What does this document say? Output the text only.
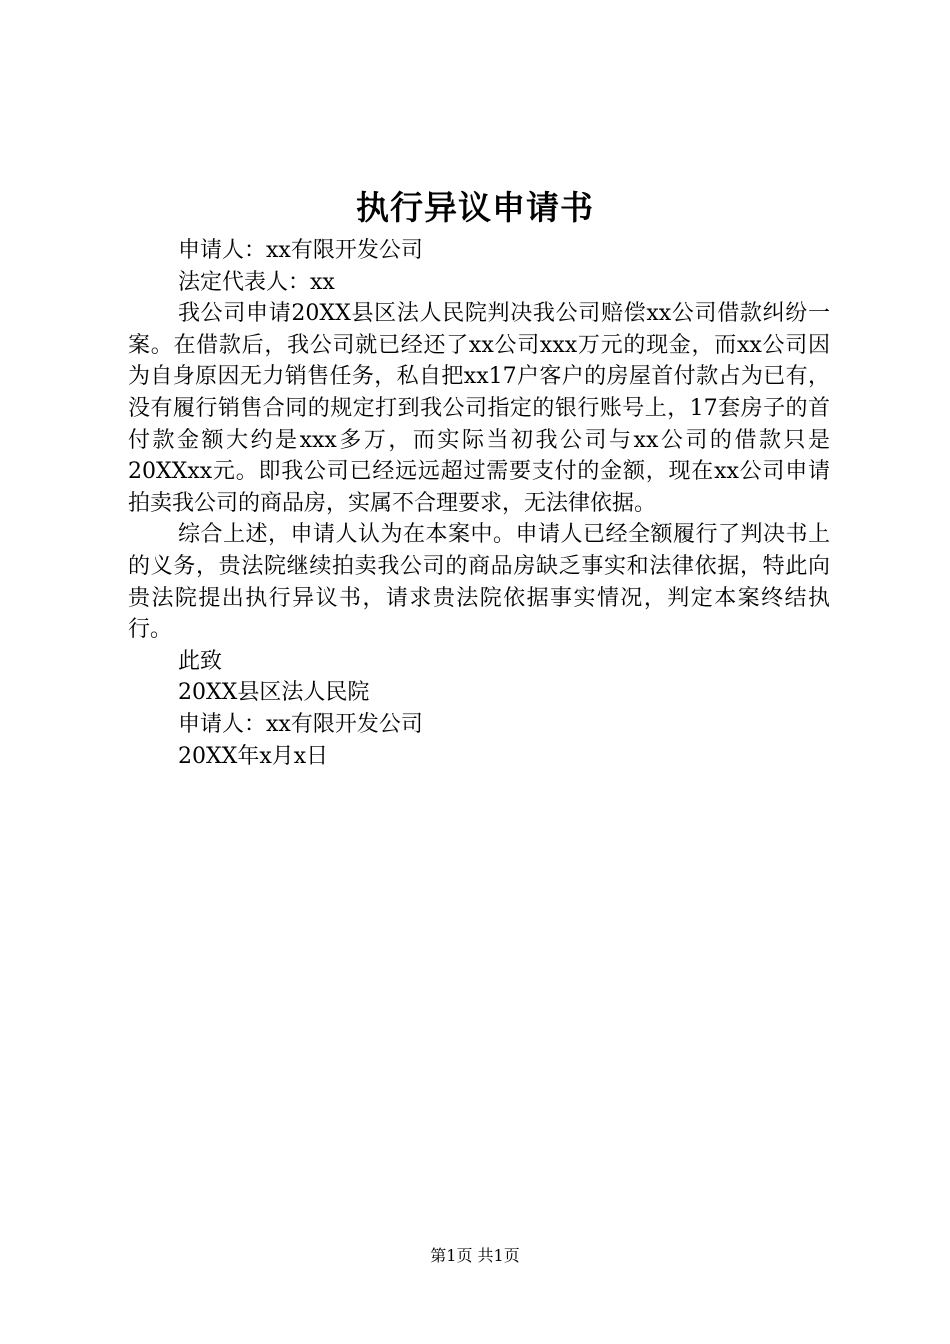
执行异议申请书
申请人：xx有限开发公司
法定代表人：xx

我公司申请20XX县区法人民院判决我公司赔偿xx公司借款纠纷一案。在借款后，我公司就已经还了xx公司xxx万元的现金，而xx公司因为自身原因无力销售任务，私自把xx17户客户的房屋首付款占为已有，没有履行销售合同的规定打到我公司指定的银行账号上，17套房子的首付款金额大约是xxx多万，而实际当初我公司与xx公司的借款只是20XXxx元。即我公司已经远远超过需要支付的金额，现在xx公司申请拍卖我公司的商品房，实属不合理要求，无法律依据。

综合上述，申请人认为在本案中。申请人已经全额履行了判决书上的义务，贵法院继续拍卖我公司的商品房缺乏事实和法律依据，特此向贵法院提出执行异议书，请求贵法院依据事实情况，判定本案终结执行。

此致
20XX县区法人民院
申请人：xx有限开发公司
20XX年x月x日
第1页 共1页
